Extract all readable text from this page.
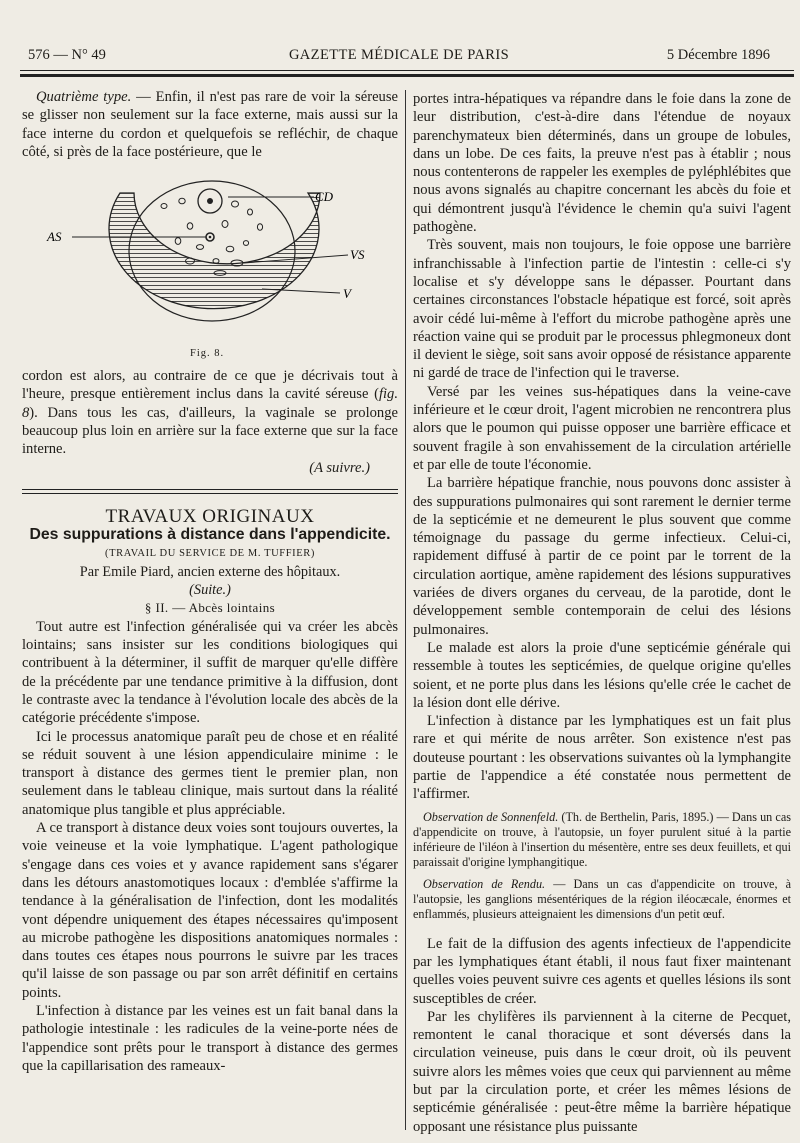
576 — N° 49	GAZETTE MÉDICALE DE PARIS	5 Décembre 1896

Quatrième type. — Enfin, il n'est pas rare de voir la séreuse se glisser non seulement sur la face externe, mais aussi sur la face interne du cordon et quelquefois se refléchir, de chaque côté, si près de la face postérieure, que le

CD
AS
VS
V
Fig. 8.

cordon est alors, au contraire de ce que je décrivais tout à l'heure, presque entièrement inclus dans la cavité séreuse (fig. 8). Dans tous les cas, d'ailleurs, la vaginale se prolonge beaucoup plus loin en arrière sur la face externe que sur la face interne.

(A suivre.)

TRAVAUX ORIGINAUX

Des suppurations à distance dans l'appendicite.

(TRAVAIL DU SERVICE DE M. TUFFIER)

Par Emile Piard, ancien externe des hôpitaux.

(Suite.)

§ II. — Abcès lointains

Tout autre est l'infection généralisée qui va créer les abcès lointains; sans insister sur les conditions biologiques qui contribuent à la déterminer, il suffit de marquer qu'elle diffère de la précédente par une tendance primitive à la diffusion, dont le contraste avec la tendance à l'évolution locale des abcès de la catégorie précédente s'impose.

Ici le processus anatomique paraît peu de chose et en réalité se réduit souvent à une lésion appendiculaire minime : le transport à distance des germes tient le premier plan, non seulement dans le tableau clinique, mais surtout dans la réalité anatomique plus tangible et plus appréciable.

A ce transport à distance deux voies sont toujours ouvertes, la voie veineuse et la voie lymphatique. L'agent pathologique s'engage dans ces voies et y avance rapidement sans s'égarer dans les détours anastomotiques locaux : d'emblée s'affirme la tendance à la généralisation de l'infection, dont les modalités vont dépendre uniquement des étapes nécessaires qu'imposent au microbe pathogène les dispositions anatomiques normales : dans toutes ces étapes nous pourrons le suivre par les traces qu'il laisse de son passage ou par son arrêt définitif en certains points.

L'infection à distance par les veines est un fait banal dans la pathologie intestinale : les radicules de la veine-porte nées de l'appendice sont prêts pour le transport à distance des germes que la capillarisation des rameaux-

portes intra-hépatiques va répandre dans le foie dans la zone de leur distribution, c'est-à-dire dans l'étendue de noyaux parenchymateux bien déterminés, dans un groupe de lobules, dans un lobe. De ces faits, la preuve n'est pas à établir ; nous nous contenterons de rappeler les exemples de pyléphlébites que nous avons signalés au chapitre concernant les abcès du foie et qui démontrent jusqu'à l'évidence le chemin qu'a suivi l'agent pathogène.

Très souvent, mais non toujours, le foie oppose une barrière infranchissable à l'infection partie de l'intestin : celle-ci s'y localise et s'y développe sans le dépasser. Pourtant dans certaines circonstances l'obstacle hépatique est forcé, soit après avoir cédé lui-même à l'effort du microbe pathogène après une réaction vaine qui se produit par le processus phlegmoneux dont il devient le siège, soit sans avoir opposé de résistance apparente ni gardé de trace de l'infection qui le traverse.

Versé par les veines sus-hépatiques dans la veine-cave inférieure et le cœur droit, l'agent microbien ne rencontrera plus alors que le poumon qui puisse opposer une barrière efficace et souvent fragile à son envahissement de la circulation artérielle et par elle de toute l'économie.

La barrière hépatique franchie, nous pouvons donc assister à des suppurations pulmonaires qui sont rarement le dernier terme de la septicémie et ne demeurent le plus souvent que comme témoignage du passage du germe infectieux. Celui-ci, rapidement diffusé à partir de ce point par le torrent de la circulation aortique, amène rapidement des lésions suppuratives variées de divers organes du cerveau, de la parotide, dont le développement semble contemporain de celui des lésions pulmonaires.

Le malade est alors la proie d'une septicémie générale qui ressemble à toutes les septicémies, de quelque origine qu'elles soient, et ne porte plus dans les lésions qu'elle crée le cachet de la lésion dont elle dérive.

L'infection à distance par les lymphatiques est un fait plus rare et qui mérite de nous arrêter. Son existence n'est pas douteuse pourtant : les observations suivantes où la lymphangite partie de l'appendice a été constatée nous permettent de l'affirmer.

Observation de Sonnenfeld. (Th. de Berthelin, Paris, 1895.) — Dans un cas d'appendicite on trouve, à l'autopsie, un foyer purulent situé à la partie inférieure de l'iléon à l'insertion du mésentère, entre ses deux feuillets, et qui paraissait d'origine lymphangitique.

Observation de Rendu. — Dans un cas d'appendicite on trouve, à l'autopsie, les ganglions mésentériques de la région iléocæcale, énormes et enflammés, plusieurs atteignaient les dimensions d'un petit œuf.

Le fait de la diffusion des agents infectieux de l'appendicite par les lymphatiques étant établi, il nous faut fixer maintenant quelles voies peuvent suivre ces agents et quelles lésions ils sont susceptibles de créer.

Par les chylifères ils parviennent à la citerne de Pecquet, remontent le canal thoracique et sont déversés dans la circulation veineuse, puis dans le cœur droit, où ils peuvent suivre alors les mêmes voies que ceux qui parviennent au même but par la circulation porte, et créer les mêmes lésions de septicémie généralisée : peut-être même la barrière hépatique opposant une résistance plus puissante
